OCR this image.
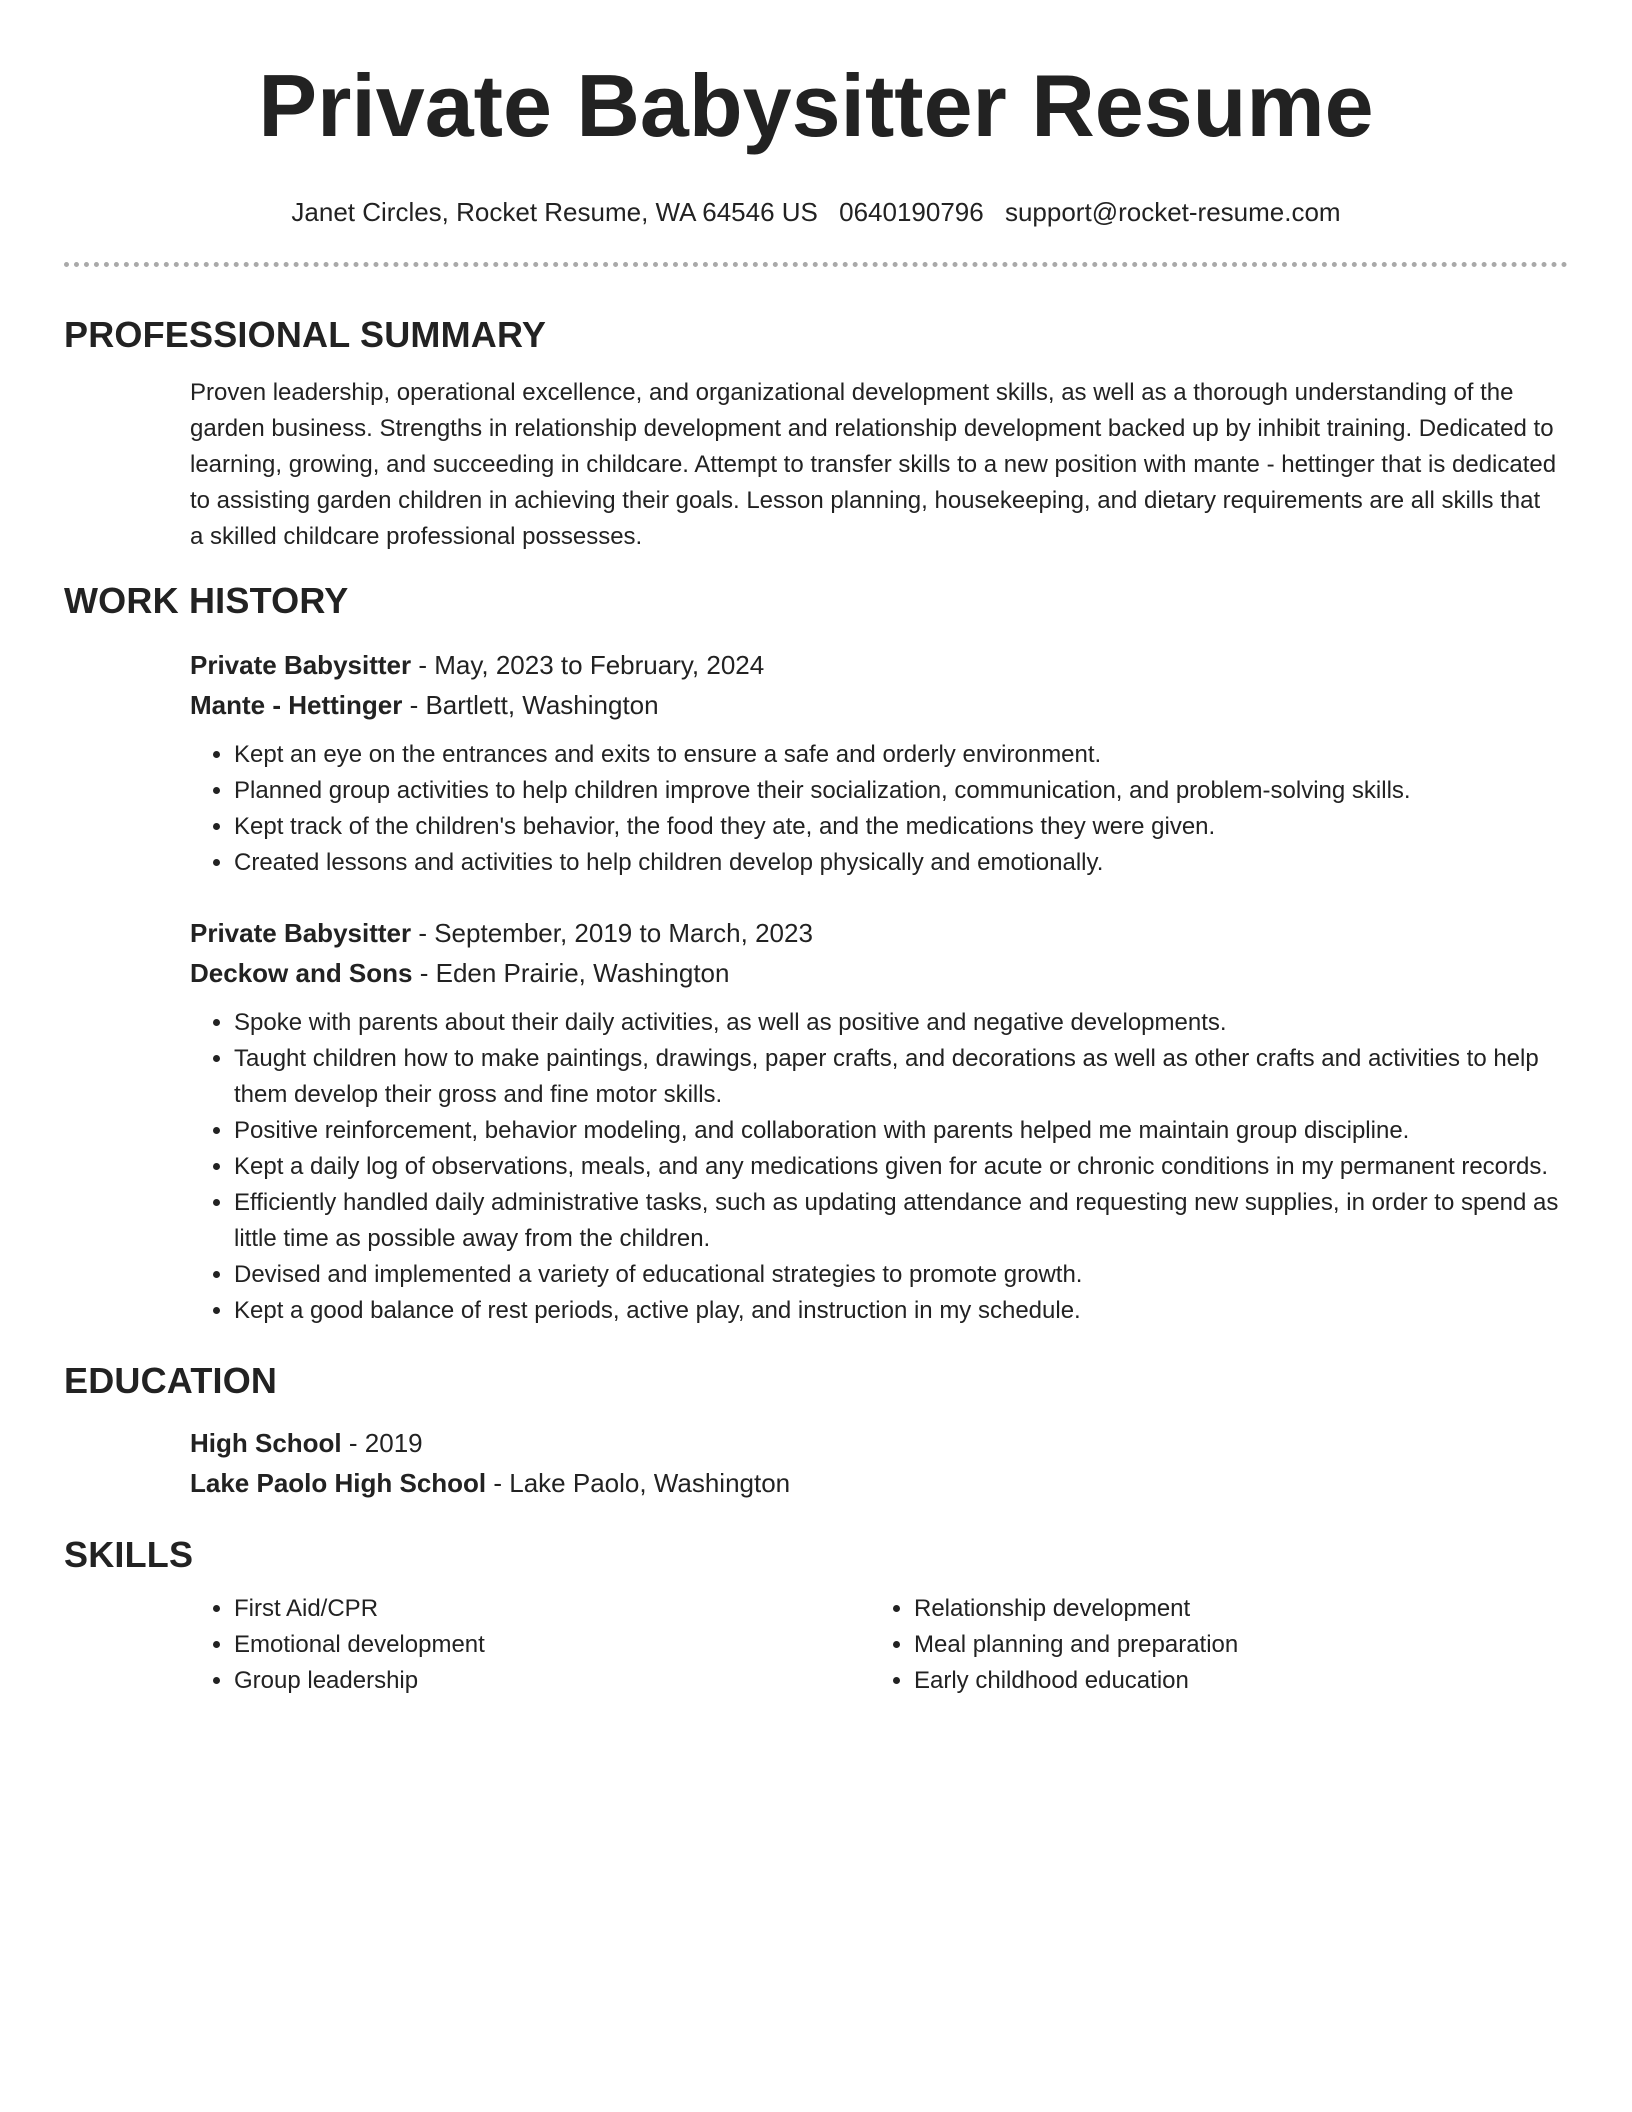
Private Babysitter Resume
Janet Circles, Rocket Resume, WA 64546 US 0640190796 support@rocket-resume.com
PROFESSIONAL SUMMARY

Proven leadership, operational excellence, and organizational development skills, as well as a thorough understanding of the garden business. Strengths in relationship development and relationship development backed up by inhibit training. Dedicated to learning, growing, and succeeding in childcare. Attempt to transfer skills to a new position with mante - hettinger that is dedicated to assisting garden children in achieving their goals. Lesson planning, housekeeping, and dietary requirements are all skills that a skilled childcare professional possesses.

WORK HISTORY
Private Babysitter - May, 2023 to February, 2024
Mante - Hettinger - Bartlett, Washington
• Kept an eye on the entrances and exits to ensure a safe and orderly environment.
• Planned group activities to help children improve their socialization, communication, and problem-solving skills.
• Kept track of the children's behavior, the food they ate, and the medications they were given.
• Created lessons and activities to help children develop physically and emotionally.
Private Babysitter - September, 2019 to March, 2023
Deckow and Sons - Eden Prairie, Washington
• Spoke with parents about their daily activities, as well as positive and negative developments.
• Taught children how to make paintings, drawings, paper crafts, and decorations as well as other crafts and activities to help them develop their gross and fine motor skills.
• Positive reinforcement, behavior modeling, and collaboration with parents helped me maintain group discipline.
• Kept a daily log of observations, meals, and any medications given for acute or chronic conditions in my permanent records.
• Efficiently handled daily administrative tasks, such as updating attendance and requesting new supplies, in order to spend as little time as possible away from the children.
• Devised and implemented a variety of educational strategies to promote growth.
• Kept a good balance of rest periods, active play, and instruction in my schedule.
EDUCATION
High School - 2019
Lake Paolo High School - Lake Paolo, Washington
SKILLS
• First Aid/CPR
• Emotional development
• Group leadership
• Relationship development
• Meal planning and preparation
• Early childhood education
